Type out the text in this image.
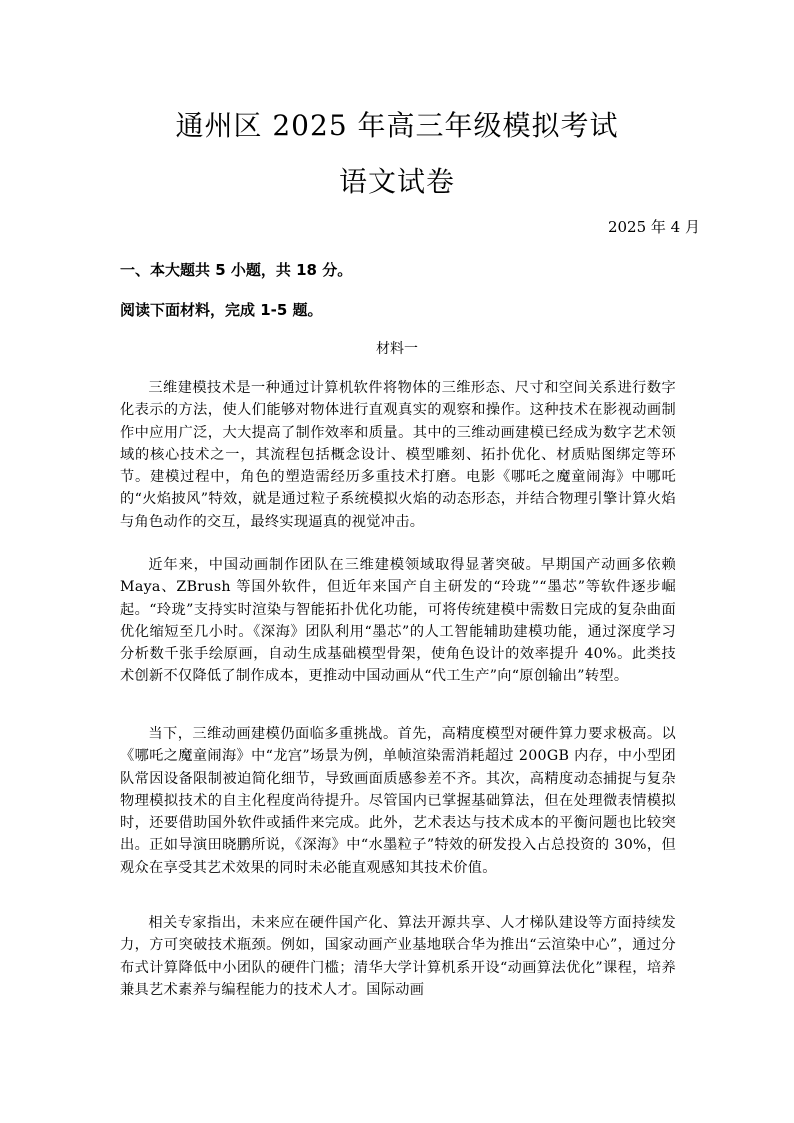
通州区 2025 年高三年级模拟考试
语文试卷
2025 年 4 月
一、本大题共 5 小题，共 18 分。
阅读下面材料，完成 1-5 题。
材料一

三维建模技术是一种通过计算机软件将物体的三维形态、尺寸和空间关系进行数字化表示的方法，使人们能够对物体进行直观真实的观察和操作。这种技术在影视动画制作中应用广泛，大大提高了制作效率和质量。其中的三维动画建模已经成为数字艺术领域的核心技术之一，其流程包括概念设计、模型雕刻、拓扑优化、材质贴图绑定等环节。建模过程中，角色的塑造需经历多重技术打磨。电影《哪吒之魔童闹海》中哪吒的“火焰披风”特效，就是通过粒子系统模拟火焰的动态形态，并结合物理引擎计算火焰与角色动作的交互，最终实现逼真的视觉冲击。

近年来，中国动画制作团队在三维建模领域取得显著突破。早期国产动画多依赖 Maya、ZBrush 等国外软件，但近年来国产自主研发的“玲珑”“墨芯”等软件逐步崛起。“玲珑”支持实时渲染与智能拓扑优化功能，可将传统建模中需数日完成的复杂曲面优化缩短至几小时。《深海》团队利用“墨芯”的人工智能辅助建模功能，通过深度学习分析数千张手绘原画，自动生成基础模型骨架，使角色设计的效率提升 40%。此类技术创新不仅降低了制作成本，更推动中国动画从“代工生产”向“原创输出”转型。

当下，三维动画建模仍面临多重挑战。首先，高精度模型对硬件算力要求极高。以《哪吒之魔童闹海》中“龙宫”场景为例，单帧渲染需消耗超过 200GB 内存，中小型团队常因设备限制被迫简化细节，导致画面质感参差不齐。其次，高精度动态捕捉与复杂物理模拟技术的自主化程度尚待提升。尽管国内已掌握基础算法，但在处理微表情模拟时，还要借助国外软件或插件来完成。此外，艺术表达与技术成本的平衡问题也比较突出。正如导演田晓鹏所说，《深海》中“水墨粒子”特效的研发投入占总投资的 30%，但观众在享受其艺术效果的同时未必能直观感知其技术价值。

相关专家指出，未来应在硬件国产化、算法开源共享、人才梯队建设等方面持续发力，方可突破技术瓶颈。例如，国家动画产业基地联合华为推出“云渲染中心”，通过分布式计算降低中小团队的硬件门槛；清华大学计算机系开设“动画算法优化”课程，培养兼具艺术素养与编程能力的技术人才。国际动画
